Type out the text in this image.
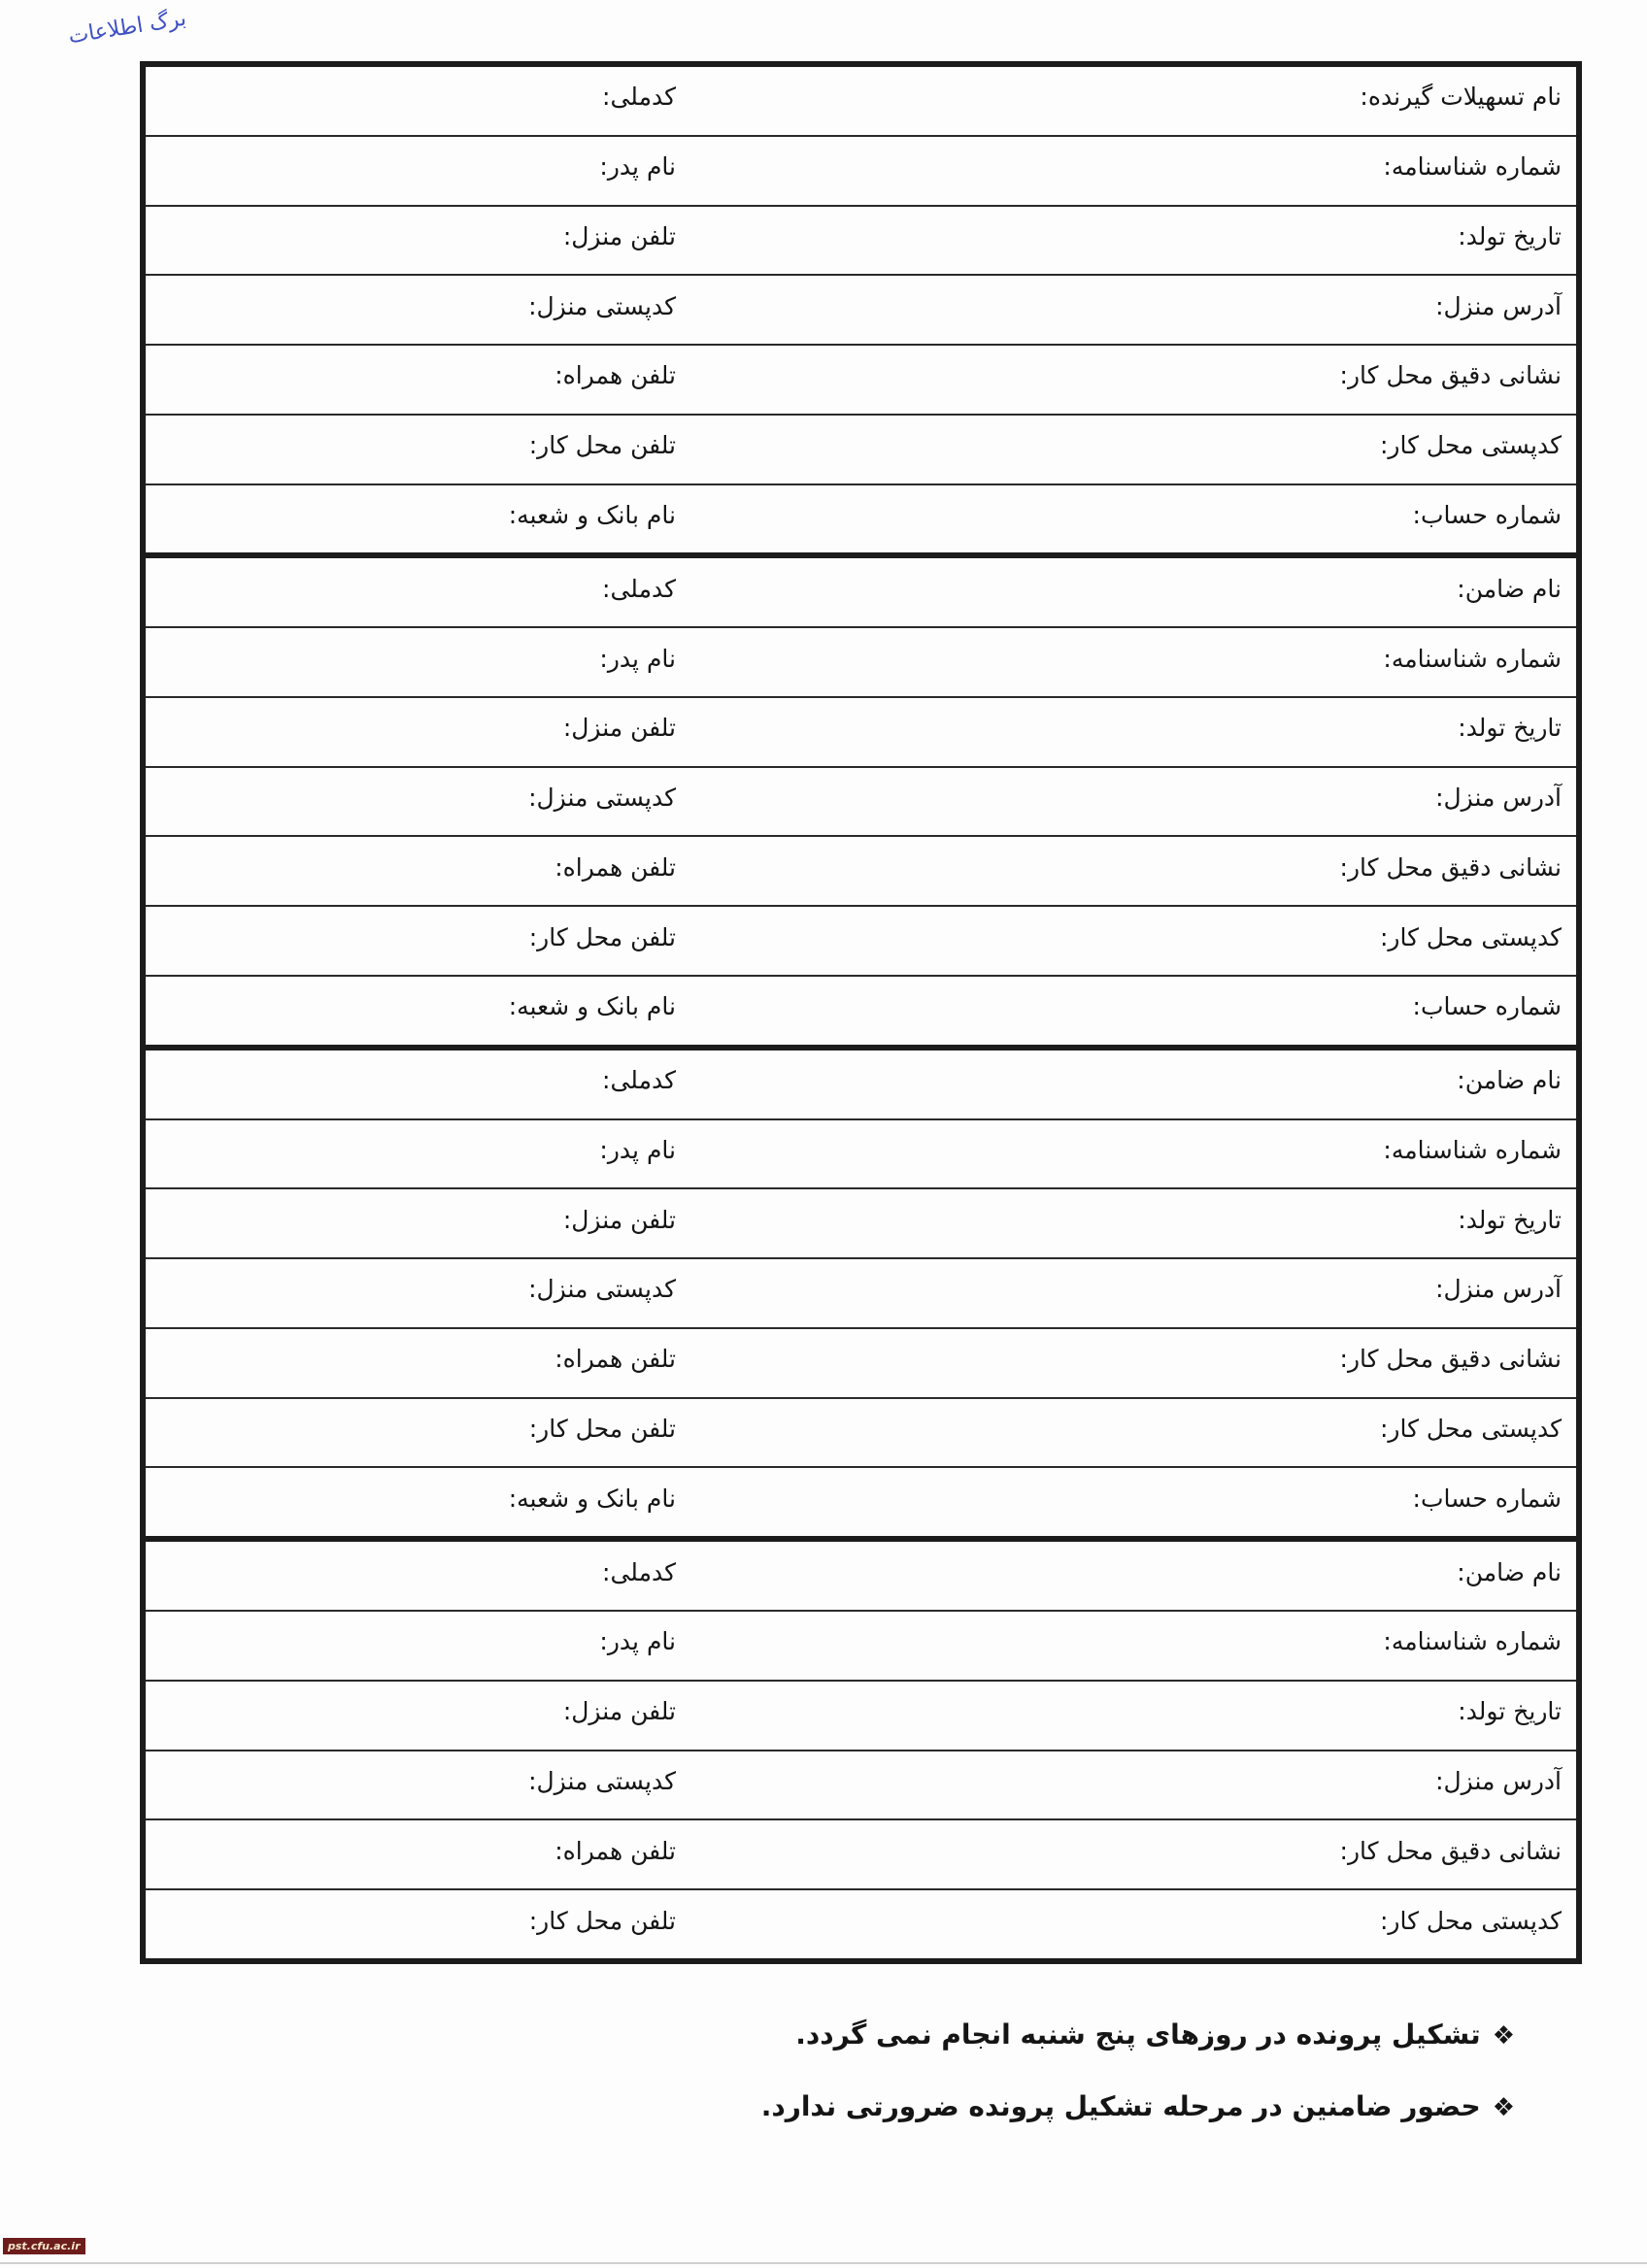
برگ اطلاعات
نام تسهیلات گیرنده:
کدملی:
شماره شناسنامه:
نام پدر:
تاریخ تولد:
تلفن منزل:
آدرس منزل:
کدپستی منزل:
نشانی دقیق محل کار:
تلفن همراه:
کدپستی محل کار:
تلفن محل کار:
شماره حساب:
نام بانک و شعبه:
نام ضامن:
کدملی:
شماره شناسنامه:
نام پدر:
تاریخ تولد:
تلفن منزل:
آدرس منزل:
کدپستی منزل:
نشانی دقیق محل کار:
تلفن همراه:
کدپستی محل کار:
تلفن محل کار:
شماره حساب:
نام بانک و شعبه:
نام ضامن:
کدملی:
شماره شناسنامه:
نام پدر:
تاریخ تولد:
تلفن منزل:
آدرس منزل:
کدپستی منزل:
نشانی دقیق محل کار:
تلفن همراه:
کدپستی محل کار:
تلفن محل کار:
شماره حساب:
نام بانک و شعبه:
نام ضامن:
کدملی:
شماره شناسنامه:
نام پدر:
تاریخ تولد:
تلفن منزل:
آدرس منزل:
کدپستی منزل:
نشانی دقیق محل کار:
تلفن همراه:
کدپستی محل کار:
تلفن محل کار:
❖
تشکیل پرونده در روزهای پنج شنبه انجام نمی گردد.
❖
حضور ضامنین در مرحله تشکیل پرونده ضرورتی ندارد.
pst.cfu.ac.ir
